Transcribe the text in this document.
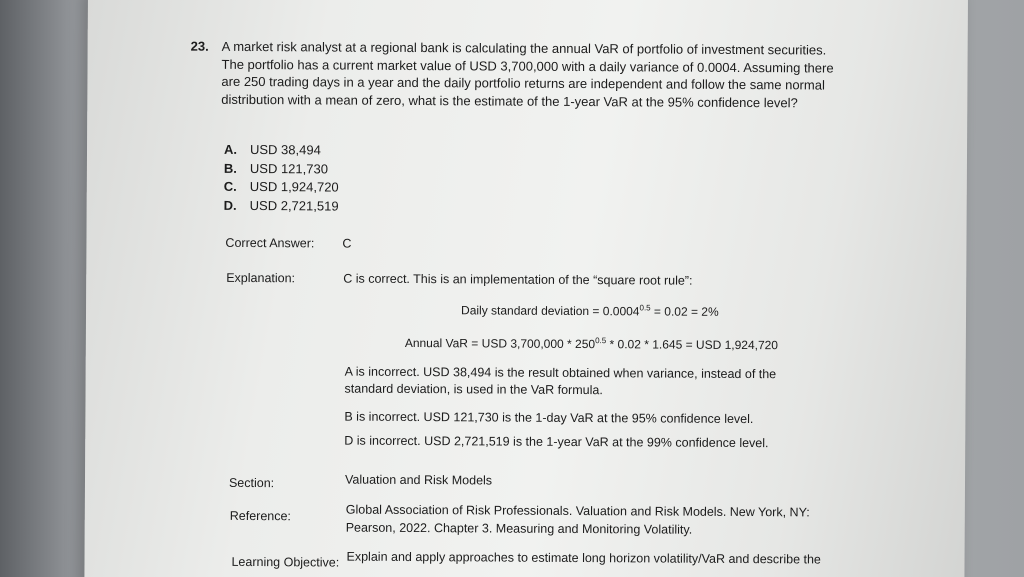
23. A market risk analyst at a regional bank is calculating the annual VaR of portfolio of investment securities. The portfolio has a current market value of USD 3,700,000 with a daily variance of 0.0004. Assuming there are 250 trading days in a year and the daily portfolio returns are independent and follow the same normal distribution with a mean of zero, what is the estimate of the 1-year VaR at the 95% confidence level?
A. USD 38,494
B. USD 121,730
C. USD 1,924,720
D. USD 2,721,519
Correct Answer: C
Explanation:	C is correct. This is an implementation of the “square root rule”:
Daily standard deviation = $0.0004^{0.5} = 0.02 = 2\%$
Annual VaR = USD $3,700,000 * 250^{0.5} * 0.02 * 1.645$ = USD 1,924,720
A is incorrect. USD 38,494 is the result obtained when variance, instead of the standard deviation, is used in the VaR formula.
B is incorrect. USD 121,730 is the 1-day VaR at the 95% confidence level.
D is incorrect. USD 2,721,519 is the 1-year VaR at the 99% confidence level.
Section:	Valuation and Risk Models
Reference:	Global Association of Risk Professionals. Valuation and Risk Models. New York, NY: Pearson, 2022. Chapter 3. Measuring and Monitoring Volatility.
Learning Objective: Explain and apply approaches to estimate long horizon volatility/VaR and describe the
